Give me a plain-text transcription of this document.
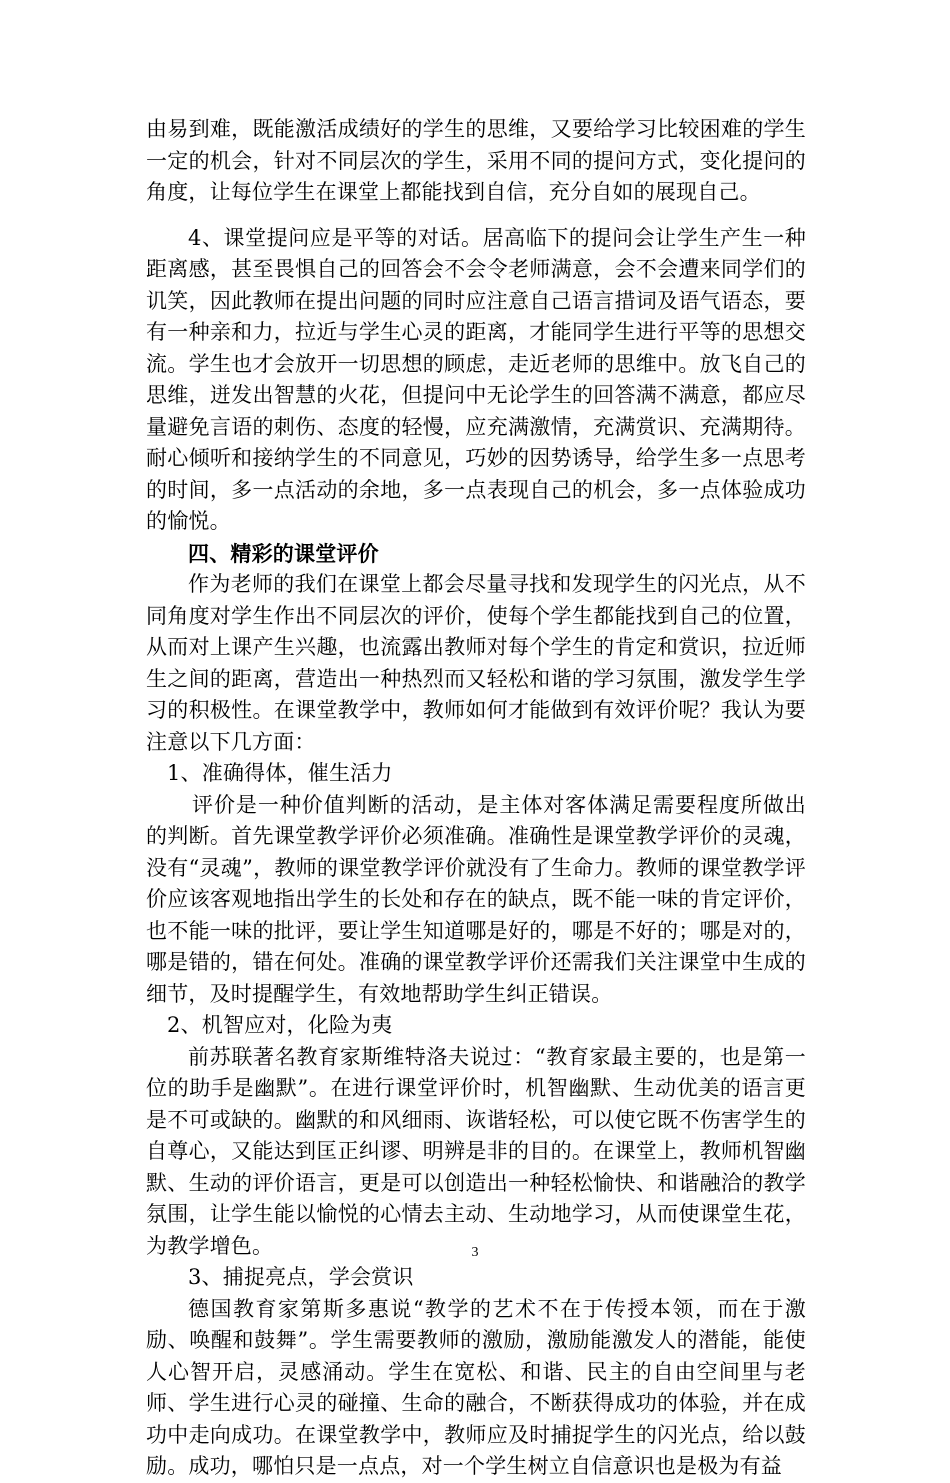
由易到难，既能激活成绩好的学生的思维，又要给学习比较困难的学生一定的机会，针对不同层次的学生，采用不同的提问方式，变化提问的角度，让每位学生在课堂上都能找到自信，充分自如的展现自己。

4、课堂提问应是平等的对话。居高临下的提问会让学生产生一种距离感，甚至畏惧自己的回答会不会令老师满意，会不会遭来同学们的讥笑，因此教师在提出问题的同时应注意自己语言措词及语气语态，要有一种亲和力，拉近与学生心灵的距离，才能同学生进行平等的思想交流。学生也才会放开一切思想的顾虑，走近老师的思维中。放飞自己的思维，迸发出智慧的火花，但提问中无论学生的回答满不满意，都应尽量避免言语的刺伤、态度的轻慢，应充满激情，充满赏识、充满期待。耐心倾听和接纳学生的不同意见，巧妙的因势诱导，给学生多一点思考的时间，多一点活动的余地，多一点表现自己的机会，多一点体验成功的愉悦。

四、精彩的课堂评价

作为老师的我们在课堂上都会尽量寻找和发现学生的闪光点，从不同角度对学生作出不同层次的评价，使每个学生都能找到自己的位置，从而对上课产生兴趣，也流露出教师对每个学生的肯定和赏识，拉近师生之间的距离，营造出一种热烈而又轻松和谐的学习氛围，激发学生学习的积极性。在课堂教学中，教师如何才能做到有效评价呢？我认为要注意以下几方面：

1、准确得体，催生活力

评价是一种价值判断的活动，是主体对客体满足需要程度所做出的判断。首先课堂教学评价必须准确。准确性是课堂教学评价的灵魂，没有“灵魂”，教师的课堂教学评价就没有了生命力。教师的课堂教学评价应该客观地指出学生的长处和存在的缺点，既不能一味的肯定评价，也不能一味的批评，要让学生知道哪是好的，哪是不好的；哪是对的，哪是错的，错在何处。准确的课堂教学评价还需我们关注课堂中生成的细节，及时提醒学生，有效地帮助学生纠正错误。

2、机智应对，化险为夷

前苏联著名教育家斯维特洛夫说过：“教育家最主要的，也是第一位的助手是幽默”。在进行课堂评价时，机智幽默、生动优美的语言更是不可或缺的。幽默的和风细雨、诙谐轻松，可以使它既不伤害学生的自尊心，又能达到匡正纠谬、明辨是非的目的。在课堂上，教师机智幽默、生动的评价语言，更是可以创造出一种轻松愉快、和谐融洽的教学氛围，让学生能以愉悦的心情去主动、生动地学习，从而使课堂生花，为教学增色。

3、捕捉亮点，学会赏识

德国教育家第斯多惠说“教学的艺术不在于传授本领，而在于激励、唤醒和鼓舞”。学生需要教师的激励，激励能激发人的潜能，能使人心智开启，灵感涌动。学生在宽松、和谐、民主的自由空间里与老师、学生进行心灵的碰撞、生命的融合，不断获得成功的体验，并在成功中走向成功。在课堂教学中，教师应及时捕捉学生的闪光点，给以鼓励。成功，哪怕只是一点点，对一个学生树立自信意识也是极为有益

3
